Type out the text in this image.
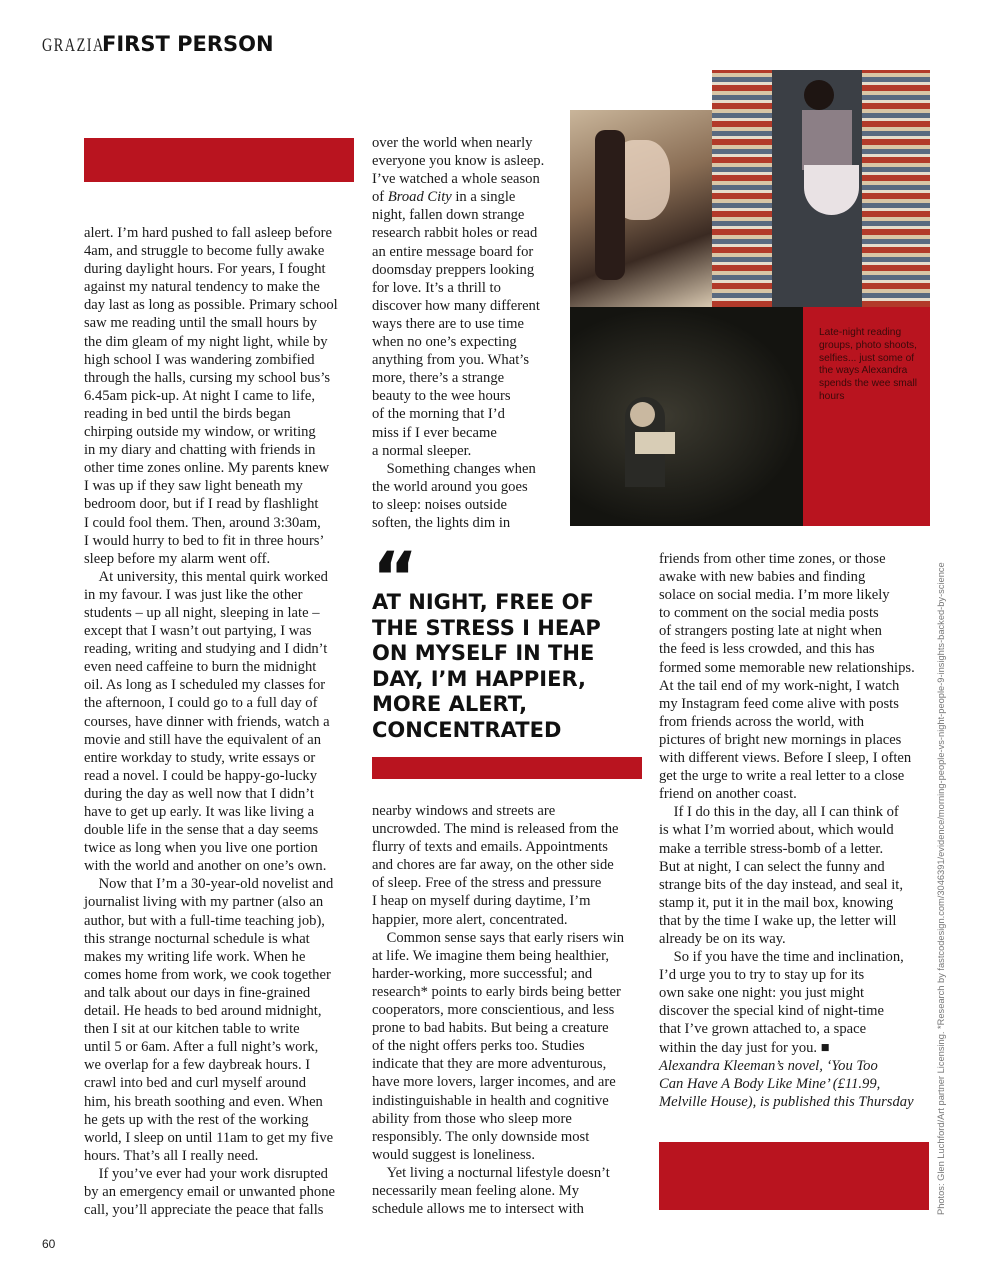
GRAZIA
FIRST PERSON
alert. I’m hard pushed to fall asleep before
4am, and struggle to become fully awake
during daylight hours. For years, I fought
against my natural tendency to make the
day last as long as possible. Primary school
saw me reading until the small hours by
the dim gleam of my night light, while by
high school I was wandering zombified
through the halls, cursing my school bus’s
6.45am pick-up. At night I came to life,
reading in bed until the birds began
chirping outside my window, or writing
in my diary and chatting with friends in
other time zones online. My parents knew
I was up if they saw light beneath my
bedroom door, but if I read by flashlight
I could fool them. Then, around 3:30am,
I would hurry to bed to fit in three hours’
sleep before my alarm went off.
 At university, this mental quirk worked
in my favour. I was just like the other
students – up all night, sleeping in late –
except that I wasn’t out partying, I was
reading, writing and studying and I didn’t
even need caffeine to burn the midnight
oil. As long as I scheduled my classes for
the afternoon, I could go to a full day of
courses, have dinner with friends, watch a
movie and still have the equivalent of an
entire workday to study, write essays or
read a novel. I could be happy-go-lucky
during the day as well now that I didn’t
have to get up early. It was like living a
double life in the sense that a day seems
twice as long when you live one portion
with the world and another on one’s own.
 Now that I’m a 30-year-old novelist and
journalist living with my partner (also an
author, but with a full-time teaching job),
this strange nocturnal schedule is what
makes my writing life work. When he
comes home from work, we cook together
and talk about our days in fine-grained
detail. He heads to bed around midnight,
then I sit at our kitchen table to write
until 5 or 6am. After a full night’s work,
we overlap for a few daybreak hours. I
crawl into bed and curl myself around
him, his breath soothing and even. When
he gets up with the rest of the working
world, I sleep on until 11am to get my five
hours. That’s all I really need.
 If you’ve ever had your work disrupted
by an emergency email or unwanted phone
call, you’ll appreciate the peace that falls
over the world when nearly
everyone you know is asleep.
I’ve watched a whole season
of Broad City in a single
night, fallen down strange
research rabbit holes or read
an entire message board for
doomsday preppers looking
for love. It’s a thrill to
discover how many different
ways there are to use time
when no one’s expecting
anything from you. What’s
more, there’s a strange
beauty to the wee hours
of the morning that I’d
miss if I ever became
a normal sleeper.
 Something changes when
the world around you goes
to sleep: noises outside
soften, the lights dim in
Late-night reading groups, photo shoots, selfies... just some of the ways Alexandra spends the wee small hours
“
AT NIGHT, FREE OF THE STRESS I HEAP ON MYSELF IN THE DAY, I’M HAPPIER, MORE ALERT, CONCENTRATED
nearby windows and streets are
uncrowded. The mind is released from the
flurry of texts and emails. Appointments
and chores are far away, on the other side
of sleep. Free of the stress and pressure
I heap on myself during daytime, I’m
happier, more alert, concentrated.
 Common sense says that early risers win
at life. We imagine them being healthier,
harder-working, more successful; and
research* points to early birds being better
cooperators, more conscientious, and less
prone to bad habits. But being a creature
of the night offers perks too. Studies
indicate that they are more adventurous,
have more lovers, larger incomes, and are
indistinguishable in health and cognitive
ability from those who sleep more
responsibly. The only downside most
would suggest is loneliness.
 Yet living a nocturnal lifestyle doesn’t
necessarily mean feeling alone. My
schedule allows me to intersect with
friends from other time zones, or those
awake with new babies and finding
solace on social media. I’m more likely
to comment on the social media posts
of strangers posting late at night when
the feed is less crowded, and this has
formed some memorable new relationships.
At the tail end of my work-night, I watch
my Instagram feed come alive with posts
from friends across the world, with
pictures of bright new mornings in places
with different views. Before I sleep, I often
get the urge to write a real letter to a close
friend on another coast.
 If I do this in the day, all I can think of
is what I’m worried about, which would
make a terrible stress-bomb of a letter.
But at night, I can select the funny and
strange bits of the day instead, and seal it,
stamp it, put it in the mail box, knowing
that by the time I wake up, the letter will
already be on its way.
 So if you have the time and inclination,
I’d urge you to try to stay up for its
own sake one night: you just might
discover the special kind of night-time
that I’ve grown attached to, a space
within the day just for you. ■
Alexandra Kleeman’s novel, ‘You Too
Can Have A Body Like Mine’ (£11.99,
Melville House), is published this Thursday Photos: Glen Luchford/Art partner Licensing. *Research by fastcodesign.com/3046391/evidence/morning-people-vs-night-people-9-insights-backed-by-science
60
